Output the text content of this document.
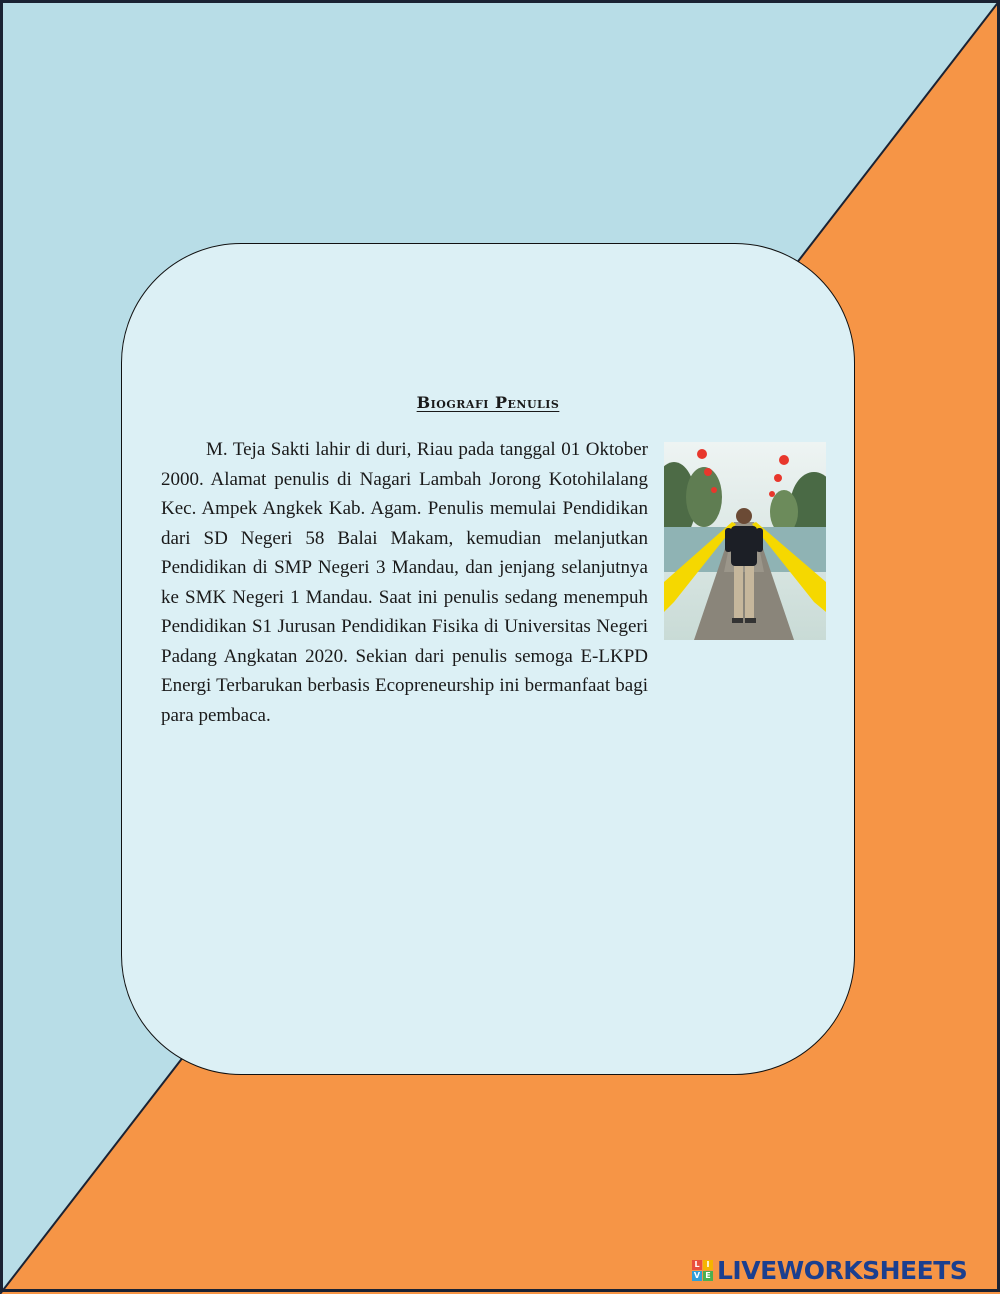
Biografi Penulis

M. Teja Sakti lahir di duri, Riau pada tanggal 01 Oktober 2000. Alamat penulis di Nagari Lambah Jorong Kotohilalang Kec. Ampek Angkek Kab. Agam. Penulis memulai Pendidikan dari SD Negeri 58 Balai Makam, kemudian melanjutkan Pendidikan di SMP Negeri 3 Mandau, dan jenjang selanjutnya ke SMK Negeri 1 Mandau. Saat ini penulis sedang menempuh Pendidikan S1 Jurusan Pendidikan Fisika di Universitas Negeri Padang Angkatan 2020. Sekian dari penulis semoga E-LKPD Energi Terbarukan berbasis Ecopreneurship ini bermanfaat bagi para pembaca.

L I
V E LIVEWORKSHEETS
